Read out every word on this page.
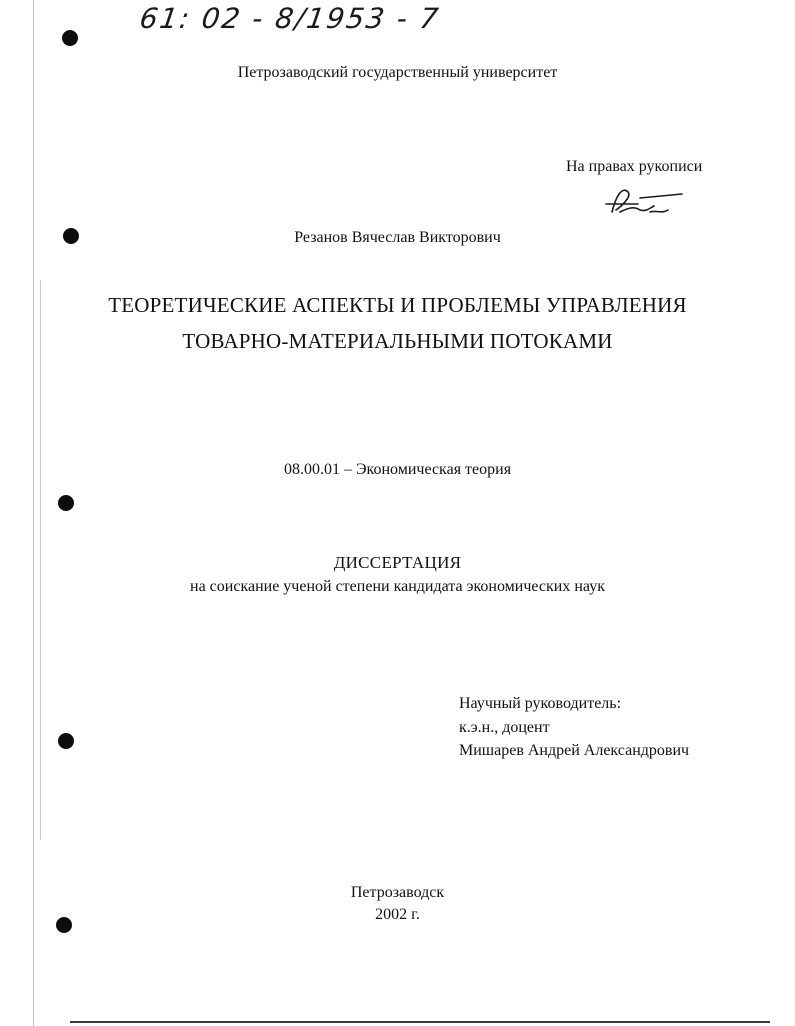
61: 02 - 8/1953 - 7
Петрозаводский государственный университет
На правах рукописи
Резанов Вячеслав Викторович
ТЕОРЕТИЧЕСКИЕ АСПЕКТЫ И ПРОБЛЕМЫ УПРАВЛЕНИЯ
ТОВАРНО-МАТЕРИАЛЬНЫМИ ПОТОКАМИ
08.00.01 – Экономическая теория
ДИССЕРТАЦИЯ
на соискание ученой степени кандидата экономических наук
Научный руководитель:
к.э.н., доцент
Мишарев Андрей Александрович
Петрозаводск
2002 г.
